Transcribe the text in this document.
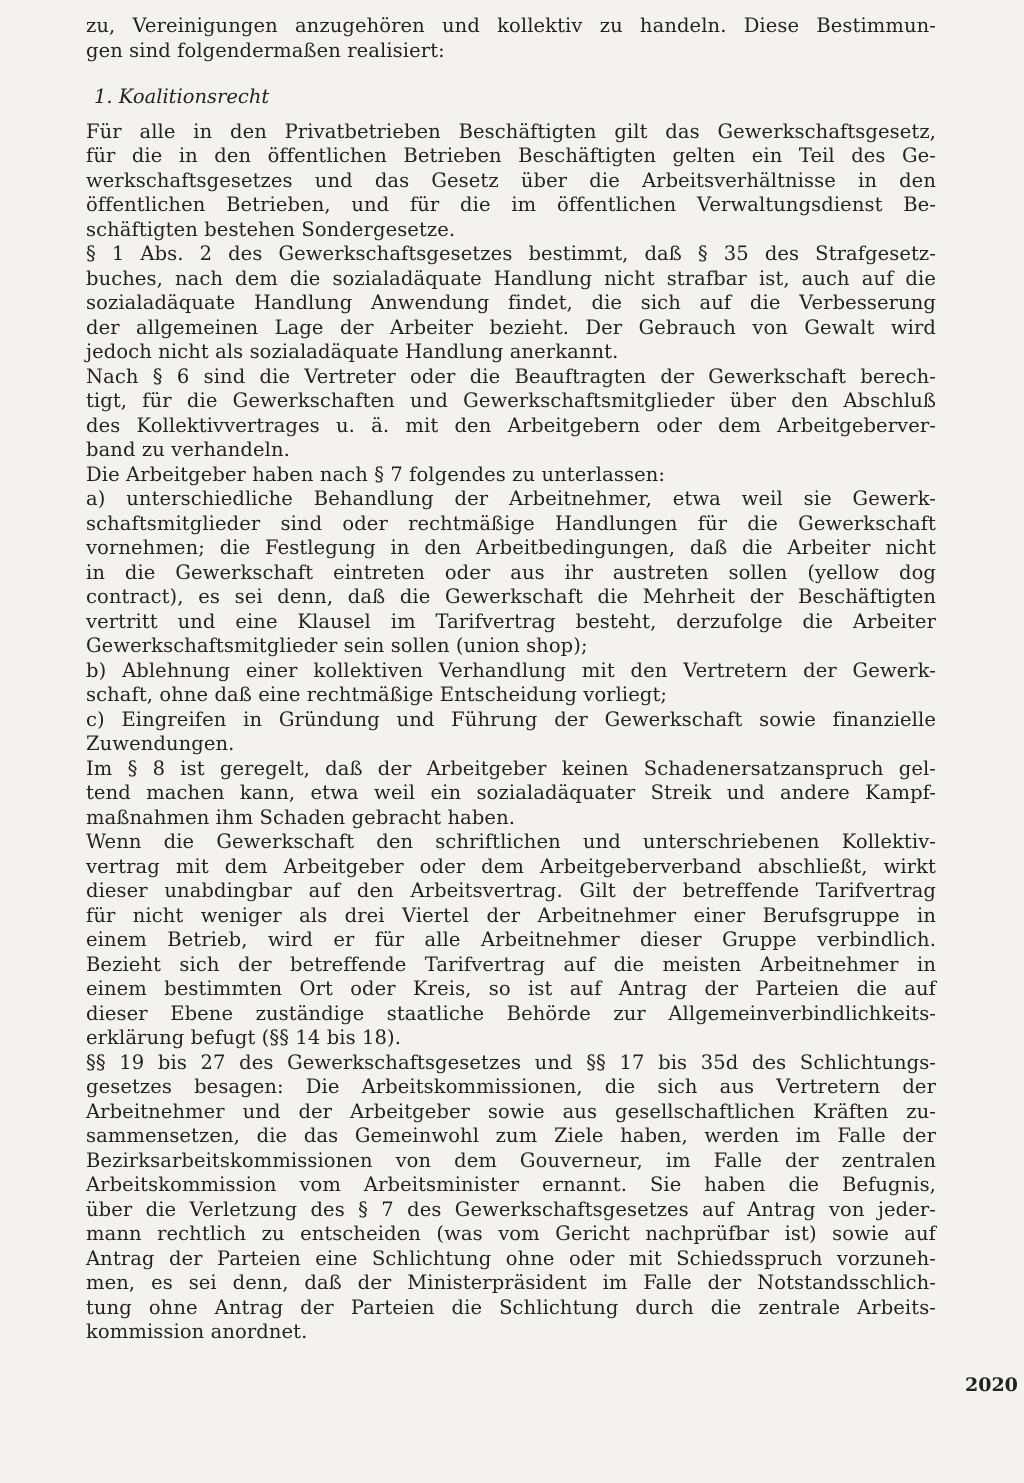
zu, Vereinigungen anzugehören und kollektiv zu handeln. Diese Bestimmun-
gen sind folgendermaßen realisiert:
1. Koalitionsrecht
Für alle in den Privatbetrieben Beschäftigten gilt das Gewerkschaftsgesetz,
für die in den öffentlichen Betrieben Beschäftigten gelten ein Teil des Ge-
werkschaftsgesetzes und das Gesetz über die Arbeitsverhältnisse in den
öffentlichen Betrieben, und für die im öffentlichen Verwaltungsdienst Be-
schäftigten bestehen Sondergesetze.
§ 1 Abs. 2 des Gewerkschaftsgesetzes bestimmt, daß § 35 des Strafgesetz-
buches, nach dem die sozialadäquate Handlung nicht strafbar ist, auch auf die
sozialadäquate Handlung Anwendung findet, die sich auf die Verbesserung
der allgemeinen Lage der Arbeiter bezieht. Der Gebrauch von Gewalt wird
jedoch nicht als sozialadäquate Handlung anerkannt.
Nach § 6 sind die Vertreter oder die Beauftragten der Gewerkschaft berech-
tigt, für die Gewerkschaften und Gewerkschaftsmitglieder über den Abschluß
des Kollektivvertrages u. ä. mit den Arbeitgebern oder dem Arbeitgeberver-
band zu verhandeln.
Die Arbeitgeber haben nach § 7 folgendes zu unterlassen:
a) unterschiedliche Behandlung der Arbeitnehmer, etwa weil sie Gewerk-
schaftsmitglieder sind oder rechtmäßige Handlungen für die Gewerkschaft
vornehmen; die Festlegung in den Arbeitbedingungen, daß die Arbeiter nicht
in die Gewerkschaft eintreten oder aus ihr austreten sollen (yellow dog
contract), es sei denn, daß die Gewerkschaft die Mehrheit der Beschäftigten
vertritt und eine Klausel im Tarifvertrag besteht, derzufolge die Arbeiter
Gewerkschaftsmitglieder sein sollen (union shop);
b) Ablehnung einer kollektiven Verhandlung mit den Vertretern der Gewerk-
schaft, ohne daß eine rechtmäßige Entscheidung vorliegt;
c) Eingreifen in Gründung und Führung der Gewerkschaft sowie finanzielle
Zuwendungen.
Im § 8 ist geregelt, daß der Arbeitgeber keinen Schadenersatzanspruch gel-
tend machen kann, etwa weil ein sozialadäquater Streik und andere Kampf-
maßnahmen ihm Schaden gebracht haben.
Wenn die Gewerkschaft den schriftlichen und unterschriebenen Kollektiv-
vertrag mit dem Arbeitgeber oder dem Arbeitgeberverband abschließt, wirkt
dieser unabdingbar auf den Arbeitsvertrag. Gilt der betreffende Tarifvertrag
für nicht weniger als drei Viertel der Arbeitnehmer einer Berufsgruppe in
einem Betrieb, wird er für alle Arbeitnehmer dieser Gruppe verbindlich.
Bezieht sich der betreffende Tarifvertrag auf die meisten Arbeitnehmer in
einem bestimmten Ort oder Kreis, so ist auf Antrag der Parteien die auf
dieser Ebene zuständige staatliche Behörde zur Allgemeinverbindlichkeits-
erklärung befugt (§§ 14 bis 18).
§§ 19 bis 27 des Gewerkschaftsgesetzes und §§ 17 bis 35d des Schlichtungs-
gesetzes besagen: Die Arbeitskommissionen, die sich aus Vertretern der
Arbeitnehmer und der Arbeitgeber sowie aus gesellschaftlichen Kräften zu-
sammensetzen, die das Gemeinwohl zum Ziele haben, werden im Falle der
Bezirksarbeitskommissionen von dem Gouverneur, im Falle der zentralen
Arbeitskommission vom Arbeitsminister ernannt. Sie haben die Befugnis,
über die Verletzung des § 7 des Gewerkschaftsgesetzes auf Antrag von jeder-
mann rechtlich zu entscheiden (was vom Gericht nachprüfbar ist) sowie auf
Antrag der Parteien eine Schlichtung ohne oder mit Schiedsspruch vorzuneh-
men, es sei denn, daß der Ministerpräsident im Falle der Notstandsschlich-
tung ohne Antrag der Parteien die Schlichtung durch die zentrale Arbeits-
kommission anordnet.
2020
